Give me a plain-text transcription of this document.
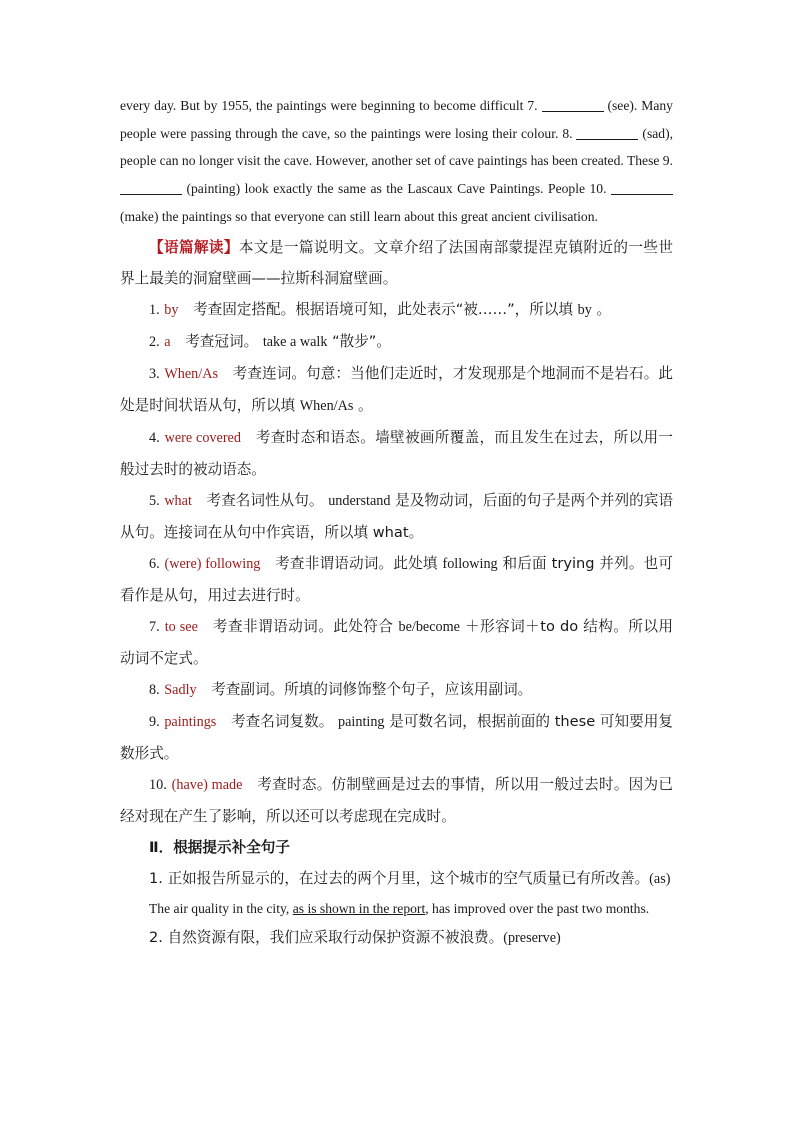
every day. But by 1955, the paintings were beginning to become difficult 7.	(see). Many people were passing through the cave, so the paintings were losing their colour. 8.	(sad), people can no longer visit the cave. However, another set of cave paintings has been created. These 9.  (painting) look exactly the same as the Lascaux Cave Paintings. People 10.  (make) the paintings so that everyone can still learn about this great ancient civilisation.

【语篇解读】本文是一篇说明文。文章介绍了法国南部蒙提涅克镇附近的一些世界上最美的洞窟壁画——拉斯科洞窟壁画。

1. by  考查固定搭配。根据语境可知，此处表示“被……”，所以填 by 。

2. a  考查冠词。 take a walk “散步”。

3. When/As  考查连词。句意：当他们走近时，才发现那是个地洞而不是岩石。此处是时间状语从句，所以填 When/As 。

4. were covered  考查时态和语态。墙壁被画所覆盖，而且发生在过去，所以用一般过去时的被动语态。

5. what  考查名词性从句。 understand 是及物动词，后面的句子是两个并列的宾语从句。连接词在从句中作宾语，所以填 what。

6. (were) following  考查非谓语动词。此处填 following 和后面 trying 并列。也可看作是从句，用过去进行时。

7. to see  考查非谓语动词。此处符合 be/become ＋形容词＋to do 结构。所以用动词不定式。

8. Sadly  考查副词。所填的词修饰整个句子，应该用副词。

9. paintings  考查名词复数。 painting 是可数名词，根据前面的 these 可知要用复数形式。

10. (have) made  考查时态。仿制壁画是过去的事情，所以用一般过去时。因为已经对现在产生了影响，所以还可以考虑现在完成时。

Ⅱ．根据提示补全句子

1. 正如报告所显示的，在过去的两个月里，这个城市的空气质量已有所改善。(as)

The air quality in the city, as is shown in the report, has improved over the past two months.

2. 自然资源有限，我们应采取行动保护资源不被浪费。(preserve)
